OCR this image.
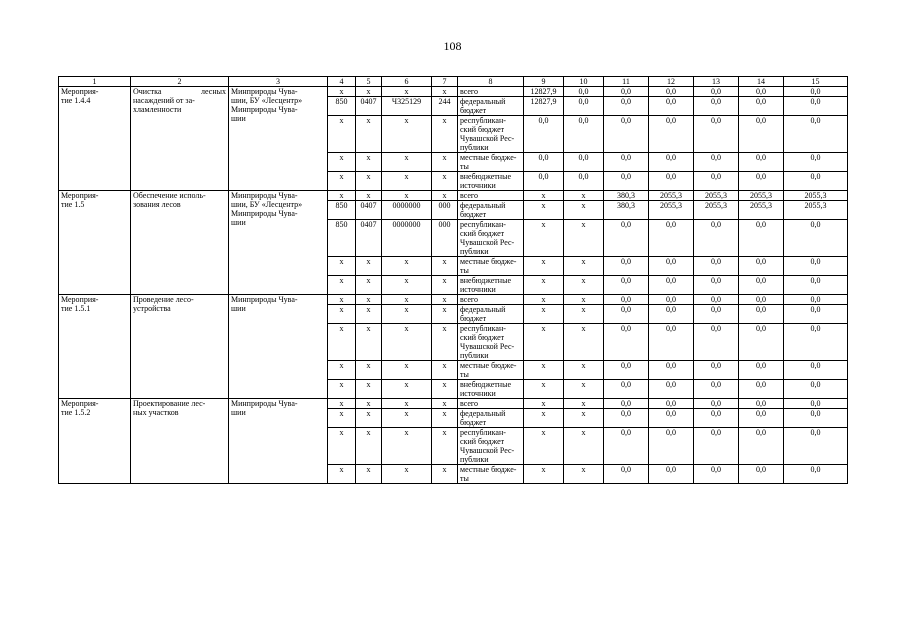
108
1	2	3	4	5	6	7	8	9	10	11	12	13	14	15
Мероприя-
тие 1.4.4	Очистка лесных насаждений от за-
хламленности	Минприроды Чува-
шии, БУ «Лесцентр»
Минприроды Чува-
шии	x	x	x	x	всего	12827,9	0,0	0,0	0,0	0,0	0,0	0,0
			850	0407	Ч325129	244	федеральный бюджет	12827,9	0,0	0,0	0,0	0,0	0,0	0,0
			x	x	x	x	республикан-
ский бюджет
Чувашской Рес-
публики	0,0	0,0	0,0	0,0	0,0	0,0	0,0
			x	x	x	x	местные бюдже-
ты	0,0	0,0	0,0	0,0	0,0	0,0	0,0
			x	x	x	x	внебюджетные
источники	0,0	0,0	0,0	0,0	0,0	0,0	0,0
Мероприя-
тие 1.5	Обеспечение исполь-
зования лесов	Минприроды Чува-
шии, БУ «Лесцентр»
Минприроды Чува-
шии	x	x	x	x	всего	x	x	380,3	2055,3	2055,3	2055,3	2055,3
			850	0407	0000000	000	федеральный бюджет	x	x	380,3	2055,3	2055,3	2055,3	2055,3
			850	0407	0000000	000	республикан-
ский бюджет
Чувашской Рес-
публики	x	x	0,0	0,0	0,0	0,0	0,0
			x	x	x	x	местные бюдже-
ты	x	x	0,0	0,0	0,0	0,0	0,0
			x	x	x	x	внебюджетные
источники	x	x	0,0	0,0	0,0	0,0	0,0
Мероприя-
тие 1.5.1	Проведение лесо-
устройства	Минприроды Чува-
шии	x	x	x	x	всего	x	x	0,0	0,0	0,0	0,0	0,0
			x	x	x	x	федеральный бюджет	x	x	0,0	0,0	0,0	0,0	0,0
			x	x	x	x	республикан-
ский бюджет
Чувашской Рес-
публики	x	x	0,0	0,0	0,0	0,0	0,0
			x	x	x	x	местные бюдже-
ты	x	x	0,0	0,0	0,0	0,0	0,0
			x	x	x	x	внебюджетные
источники	x	x	0,0	0,0	0,0	0,0	0,0
Мероприя-
тие 1.5.2	Проектирование лес-
ных участков	Минприроды Чува-
шии	x	x	x	x	всего	x	x	0,0	0,0	0,0	0,0	0,0
			x	x	x	x	федеральный бюджет	x	x	0,0	0,0	0,0	0,0	0,0
			x	x	x	x	республикан-
ский бюджет
Чувашской Рес-
публики	x	x	0,0	0,0	0,0	0,0	0,0
			x	x	x	x	местные бюдже-
ты	x	x	0,0	0,0	0,0	0,0	0,0
